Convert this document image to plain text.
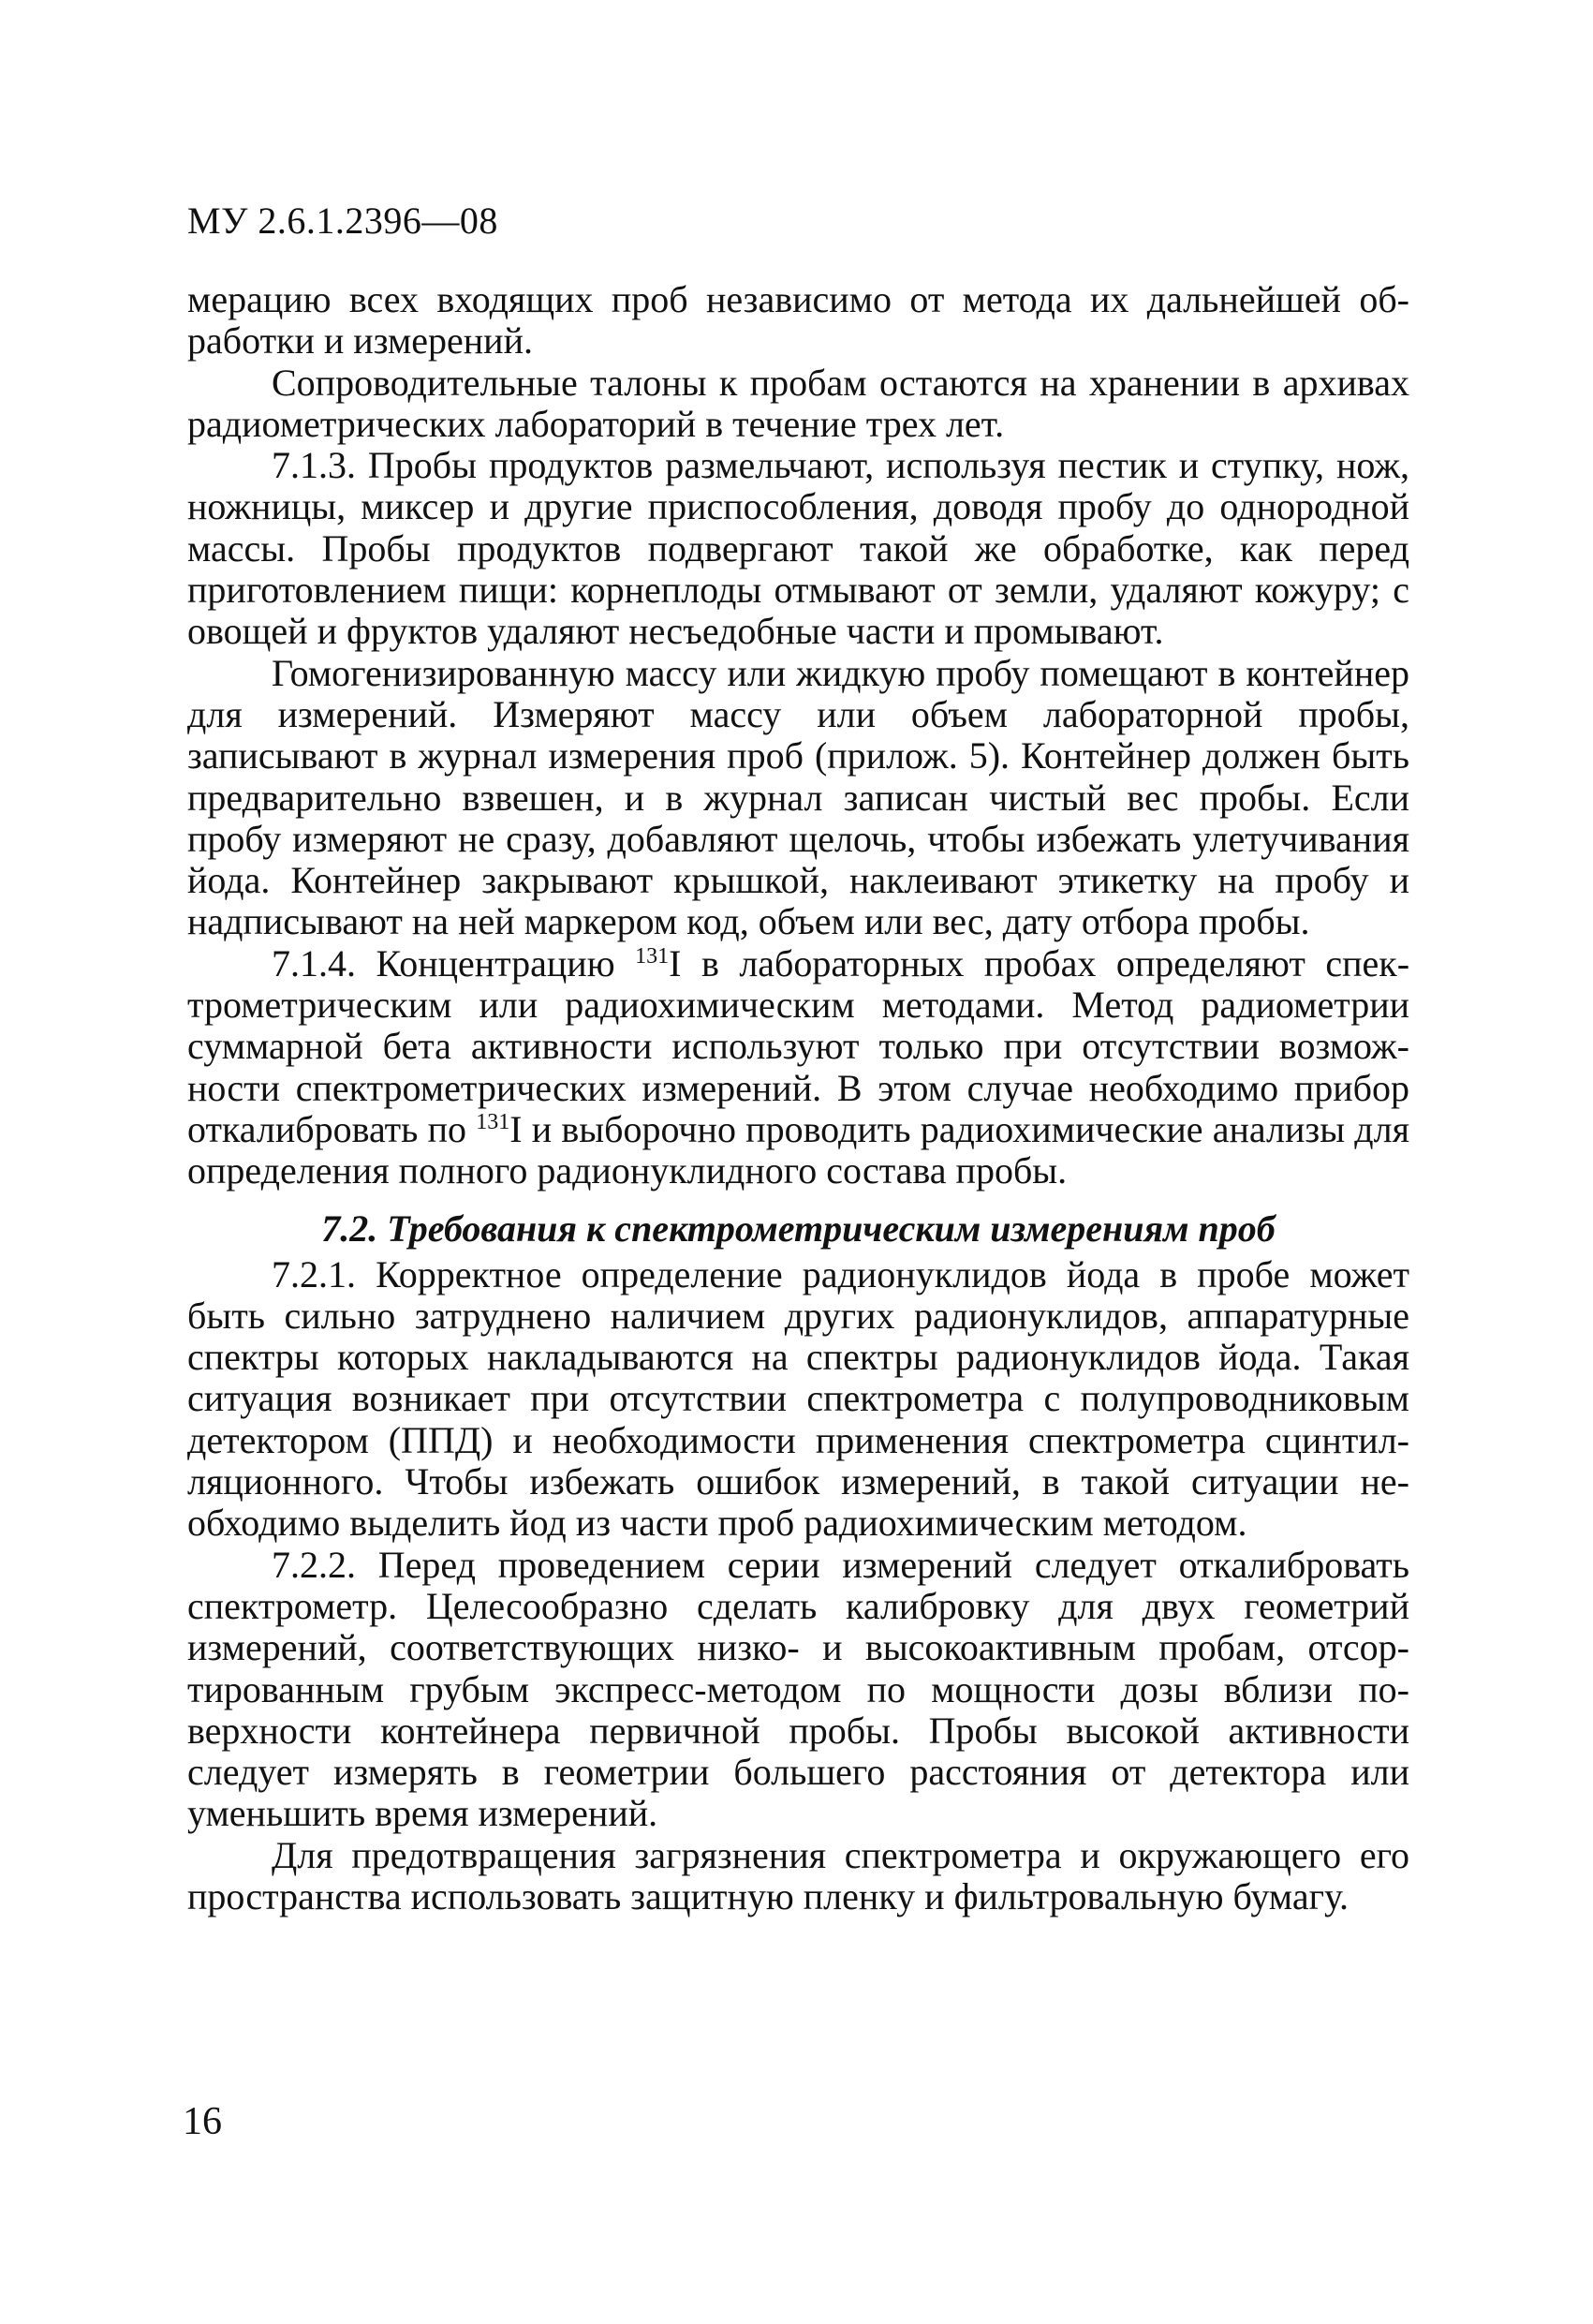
МУ 2.6.1.2396—08

мерацию всех входящих проб независимо от метода их дальнейшей обработки и измерений.

Сопроводительные талоны к пробам остаются на хранении в архивах радиометрических лабораторий в течение трех лет.

7.1.3. Пробы продуктов размельчают, используя пестик и ступку, нож, ножницы, миксер и другие приспособления, доводя пробу до однородной массы. Пробы продуктов подвергают такой же обработке, как перед приготовлением пищи: корнеплоды отмывают от земли, удаляют кожуру; с овощей и фруктов удаляют несъедобные части и промывают.

Гомогенизированную массу или жидкую пробу помещают в контейнер для измерений. Измеряют массу или объем лабораторной пробы, записывают в журнал измерения проб (прилож. 5). Контейнер должен быть предварительно взвешен, и в журнал записан чистый вес пробы. Если пробу измеряют не сразу, добавляют щелочь, чтобы избежать улетучивания йода. Контейнер закрывают крышкой, наклеивают этикетку на пробу и надписывают на ней маркером код, объем или вес, дату отбора пробы.

7.1.4. Концентрацию $^{131}$I в лабораторных пробах определяют спектрометрическим или радиохимическим методами. Метод радиометрии суммарной бета активности используют только при отсутствии возможности спектрометрических измерений. В этом случае необходимо прибор откалибровать по $^{131}$I и выборочно проводить радиохимические анализы для определения полного радионуклидного состава пробы.

7.2. Требования к спектрометрическим измерениям проб

7.2.1. Корректное определение радионуклидов йода в пробе может быть сильно затруднено наличием других радионуклидов, аппаратурные спектры которых накладываются на спектры радионуклидов йода. Такая ситуация возникает при отсутствии спектрометра с полупроводниковым детектором (ППД) и необходимости применения спектрометра сцинтилляционного. Чтобы избежать ошибок измерений, в такой ситуации необходимо выделить йод из части проб радиохимическим методом.

7.2.2. Перед проведением серии измерений следует откалибровать спектрометр. Целесообразно сделать калибровку для двух геометрий измерений, соответствующих низко- и высокоактивным пробам, отсортированным грубым экспресс-методом по мощности дозы вблизи поверхности контейнера первичной пробы. Пробы высокой активности следует измерять в геометрии большего расстояния от детектора или уменьшить время измерений.

Для предотвращения загрязнения спектрометра и окружающего его пространства использовать защитную пленку и фильтровальную бумагу.

16
